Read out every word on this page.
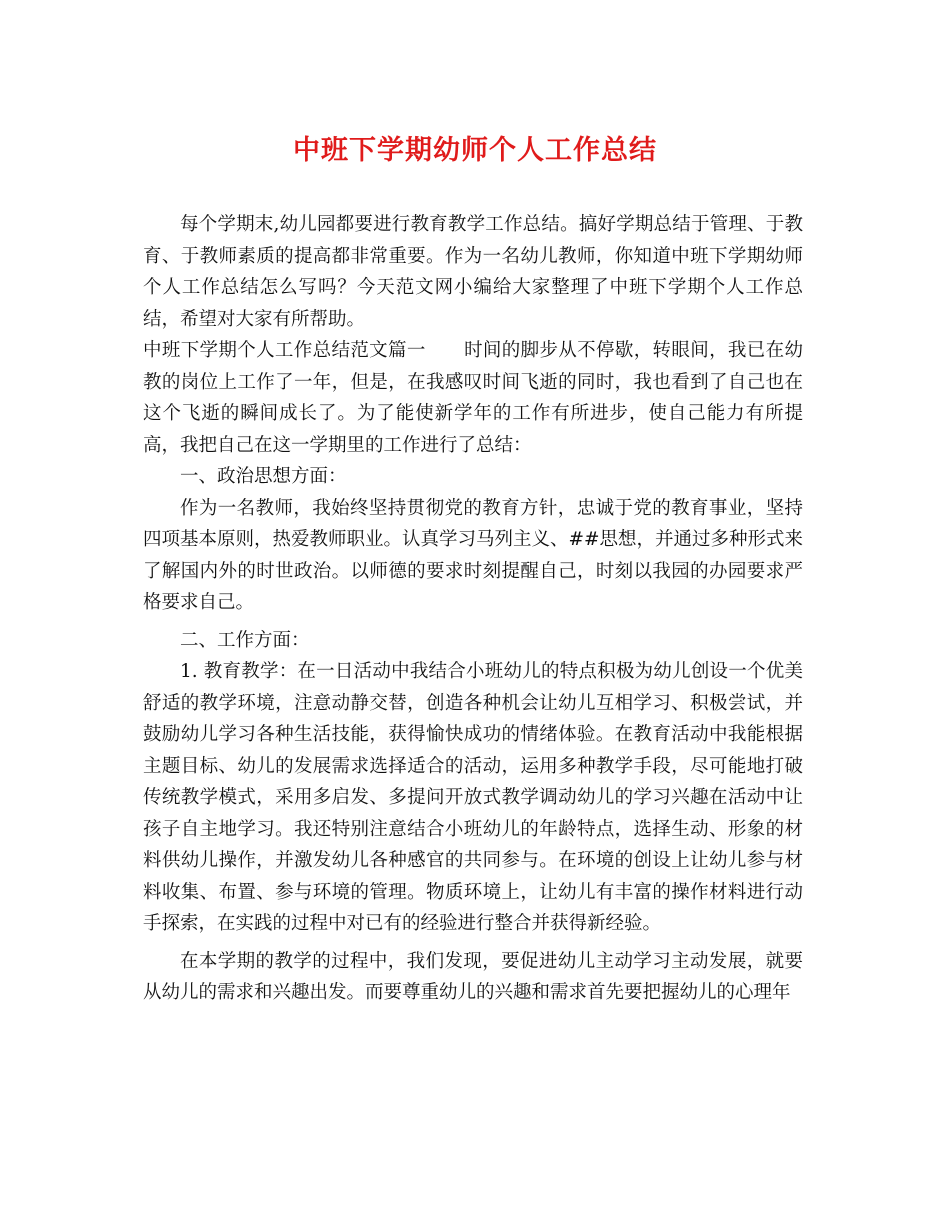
中班下学期幼师个人工作总结

每个学期末,幼儿园都要进行教育教学工作总结。搞好学期总结于管理、于教育、于教师素质的提高都非常重要。作为一名幼儿教师，你知道中班下学期幼师个人工作总结怎么写吗？今天范文网小编给大家整理了中班下学期个人工作总结，希望对大家有所帮助。

中班下学期个人工作总结范文篇一 时间的脚步从不停歇，转眼间，我已在幼教的岗位上工作了一年，但是，在我感叹时间飞逝的同时，我也看到了自己也在这个飞逝的瞬间成长了。为了能使新学年的工作有所进步，使自己能力有所提高，我把自己在这一学期里的工作进行了总结：

一、政治思想方面：

作为一名教师，我始终坚持贯彻党的教育方针，忠诚于党的教育事业，坚持四项基本原则，热爱教师职业。认真学习马列主义、##思想，并通过多种形式来了解国内外的时世政治。以师德的要求时刻提醒自己，时刻以我园的办园要求严格要求自己。

二、工作方面：

1. 教育教学：在一日活动中我结合小班幼儿的特点积极为幼儿创设一个优美舒适的教学环境，注意动静交替，创造各种机会让幼儿互相学习、积极尝试，并鼓励幼儿学习各种生活技能，获得愉快成功的情绪体验。在教育活动中我能根据主题目标、幼儿的发展需求选择适合的活动，运用多种教学手段，尽可能地打破传统教学模式，采用多启发、多提问开放式教学调动幼儿的学习兴趣在活动中让孩子自主地学习。我还特别注意结合小班幼儿的年龄特点，选择生动、形象的材料供幼儿操作，并激发幼儿各种感官的共同参与。在环境的创设上让幼儿参与材料收集、布置、参与环境的管理。物质环境上，让幼儿有丰富的操作材料进行动手探索，在实践的过程中对已有的经验进行整合并获得新经验。

在本学期的教学的过程中，我们发现，要促进幼儿主动学习主动发展，就要从幼儿的需求和兴趣出发。而要尊重幼儿的兴趣和需求首先要把握幼儿的心理年
